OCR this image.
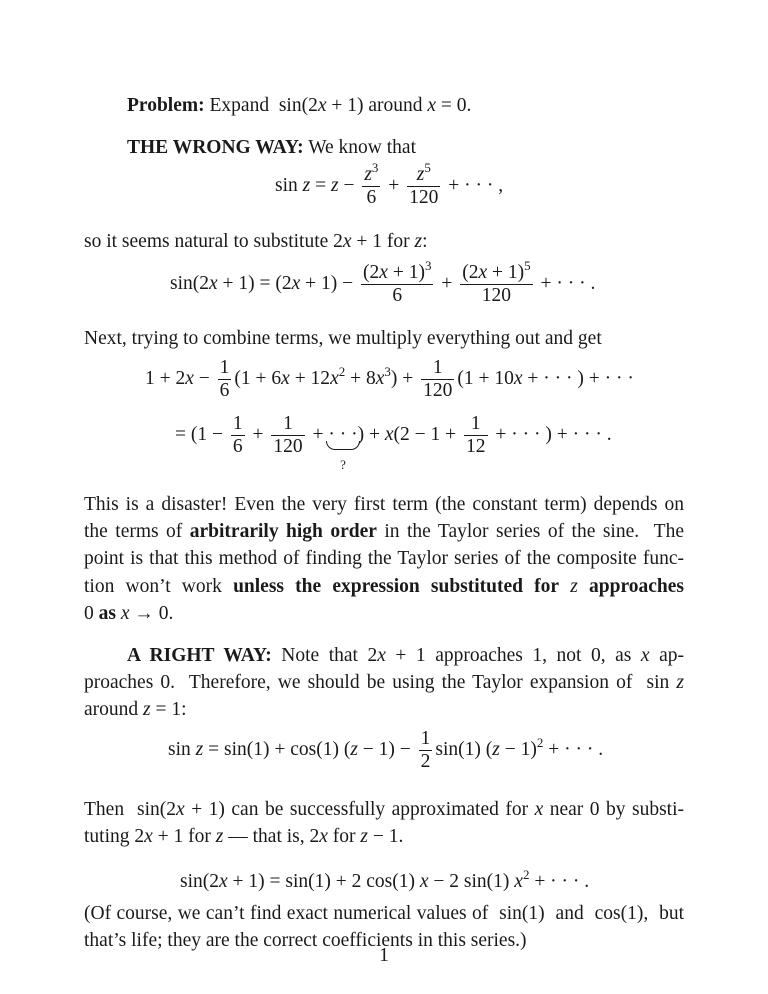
Problem: Expand  sin(2x + 1) around x = 0.
THE WRONG WAY: We know that
$\sin z = z - \frac{z^3}{6} + \frac{z^5}{120}$ + · · · ,
so it seems natural to substitute 2x + 1 for z:
$\sin(2x + 1) = (2x + 1) - \frac{(2x + 1)^3}{6} + \frac{(2x + 1)^5}{120}$ + · · · .
Next, trying to combine terms, we multiply everything out and get
$1 + 2x - \frac{1}{6} (1 + 6x + 12x^2 + 8x^3) + \frac{1}{120} (1 + 10x$ + · · · ) + · · ·
= ($1 - \frac{1}{6} + \frac{1}{120}$ + · · ·
?
) + $x(2 - 1 + \frac{1}{12}$ + · · · ) + · · · .
This is a disaster! Even the very first term (the constant term) depends on
the terms of arbitrarily high order in the Taylor series of the sine.  The
point is that this method of finding the Taylor series of the composite func-
tion won’t work unless the expression substituted for z approaches
0 as x → 0.
A RIGHT WAY: Note that 2x + 1 approaches 1, not 0, as x ap-
proaches 0.  Therefore, we should be using the Taylor expansion of  sin z
around z = 1:
sin z = sin(1) + cos(1) $(z - 1) - \frac{1}{2} \sin(1) (z - 1)^2$ + · · · .
Then  sin(2x + 1) can be successfully approximated for x near 0 by substi-
tuting 2x + 1 for z — that is, 2x for z − 1.
sin(2x + 1) = sin(1) + 2 cos(1) x − 2 sin(1) $x^2$ + · · · .
(Of course, we can’t find exact numerical values of  sin(1)  and  cos(1),  but
that’s life; they are the correct coefficients in this series.)
1
